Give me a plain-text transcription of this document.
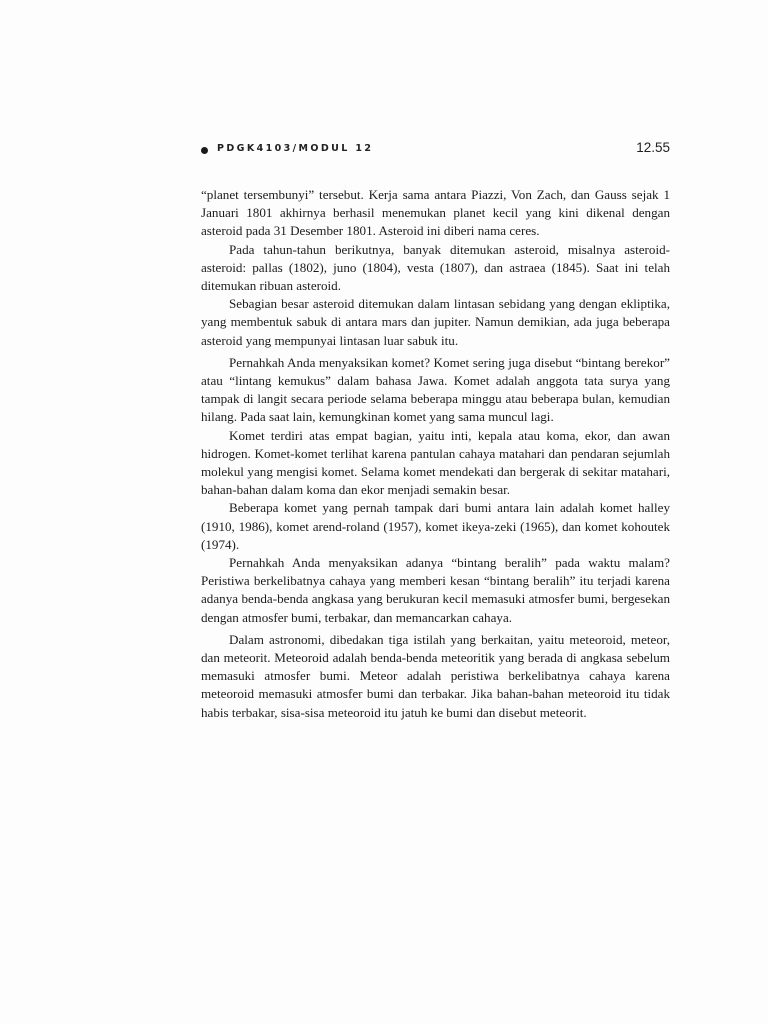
PDGK4103/MODUL 12	12.55

“planet tersembunyi” tersebut. Kerja sama antara Piazzi, Von Zach, dan Gauss sejak 1 Januari 1801 akhirnya berhasil menemukan planet kecil yang kini dikenal dengan asteroid pada 31 Desember 1801. Asteroid ini diberi nama ceres.

Pada tahun-tahun berikutnya, banyak ditemukan asteroid, misalnya asteroid-asteroid: pallas (1802), juno (1804), vesta (1807), dan astraea (1845). Saat ini telah ditemukan ribuan asteroid.

Sebagian besar asteroid ditemukan dalam lintasan sebidang yang dengan ekliptika, yang membentuk sabuk di antara mars dan jupiter. Namun demikian, ada juga beberapa asteroid yang mempunyai lintasan luar sabuk itu.

Pernahkah Anda menyaksikan komet? Komet sering juga disebut “bintang berekor” atau “lintang kemukus” dalam bahasa Jawa. Komet adalah anggota tata surya yang tampak di langit secara periode selama beberapa minggu atau beberapa bulan, kemudian hilang. Pada saat lain, kemungkinan komet yang sama muncul lagi.

Komet terdiri atas empat bagian, yaitu inti, kepala atau koma, ekor, dan awan hidrogen. Komet-komet terlihat karena pantulan cahaya matahari dan pendaran sejumlah molekul yang mengisi komet. Selama komet mendekati dan bergerak di sekitar matahari, bahan-bahan dalam koma dan ekor menjadi semakin besar.

Beberapa komet yang pernah tampak dari bumi antara lain adalah komet halley (1910, 1986), komet arend-roland (1957), komet ikeya-zeki (1965), dan komet kohoutek (1974).

Pernahkah Anda menyaksikan adanya “bintang beralih” pada waktu malam? Peristiwa berkelibatnya cahaya yang memberi kesan “bintang beralih” itu terjadi karena adanya benda-benda angkasa yang berukuran kecil memasuki atmosfer bumi, bergesekan dengan atmosfer bumi, terbakar, dan memancarkan cahaya.

Dalam astronomi, dibedakan tiga istilah yang berkaitan, yaitu meteoroid, meteor, dan meteorit. Meteoroid adalah benda-benda meteoritik yang berada di angkasa sebelum memasuki atmosfer bumi. Meteor adalah peristiwa berkelibatnya cahaya karena meteoroid memasuki atmosfer bumi dan terbakar. Jika bahan-bahan meteoroid itu tidak habis terbakar, sisa-sisa meteoroid itu jatuh ke bumi dan disebut meteorit.
